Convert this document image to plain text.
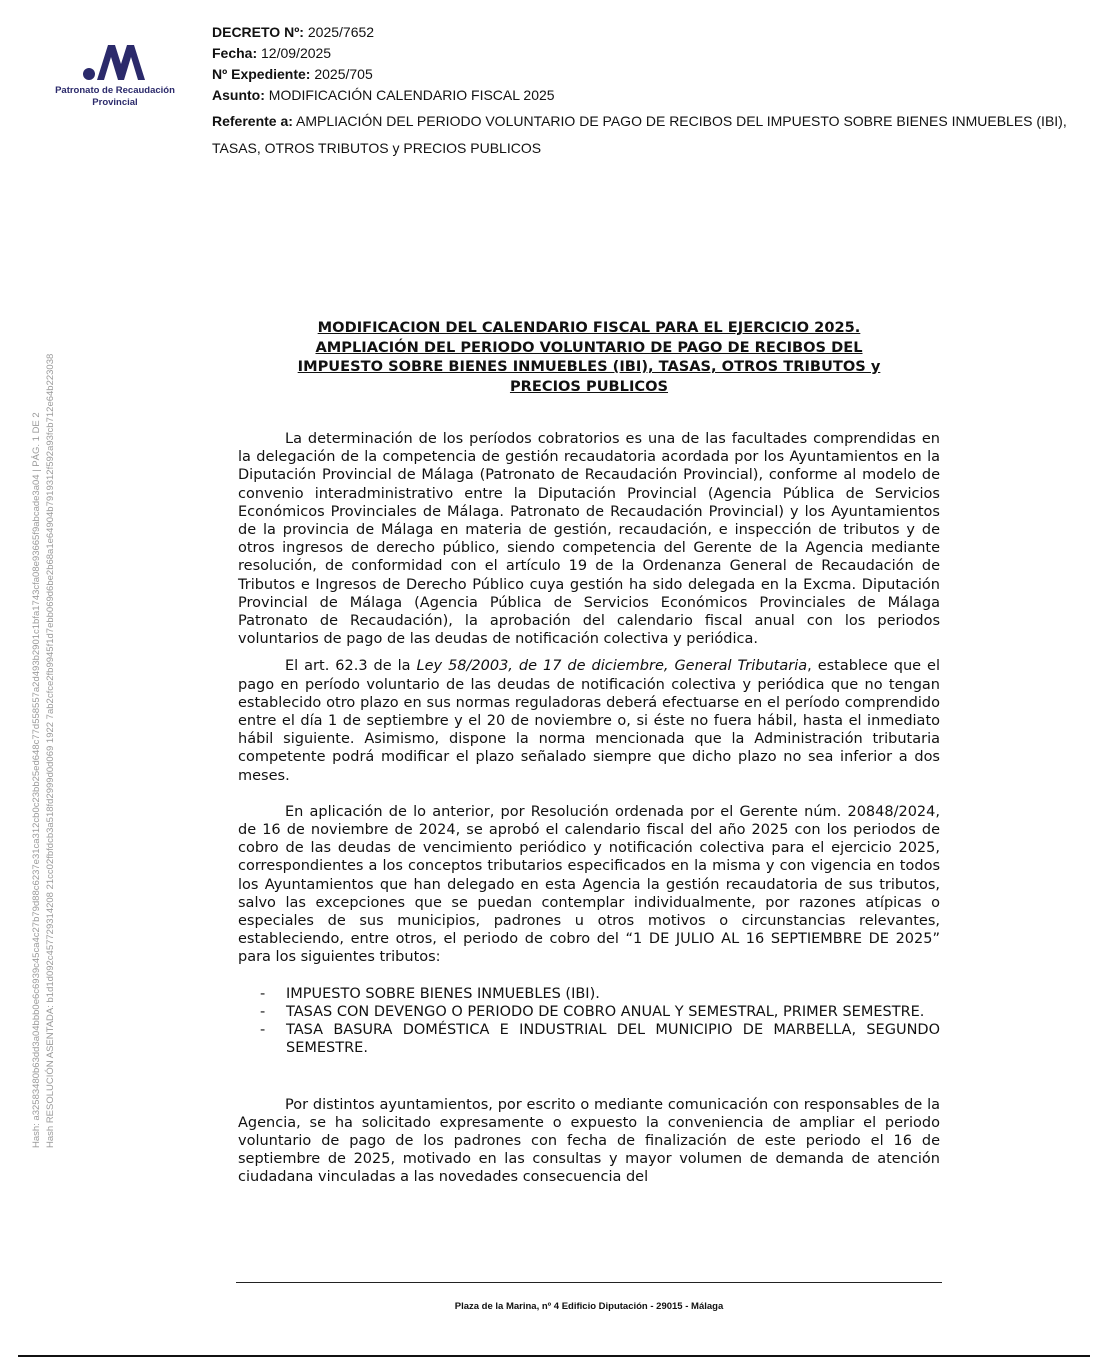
Patronato de Recaudación
Provincial
DECRETO Nº: 2025/7652
Fecha: 12/09/2025
Nº Expediente: 2025/705
Asunto: MODIFICACIÓN CALENDARIO FISCAL 2025
Referente a: AMPLIACIÓN DEL PERIODO VOLUNTARIO DE PAGO DE RECIBOS DEL IMPUESTO SOBRE BIENES INMUEBLES (IBI), TASAS, OTROS TRIBUTOS y PRECIOS PUBLICOS
Hash: a32583480b63dd3a04bbb0e6c6939c45ca4c27b79d88c6237e31ca312cb0c23bb25ed648c77d558557a2d493b2901c1bfa1743cfa08e93665f9abcade3a04 | PÁG. 1 DE 2 Hash RESOLUCIÓN ASENTADA: b1d1d092c457729314208 21cc02fbfdcb3a518fd2999d0d069 1922 7ab2cfce2fb9945f1d7ebb069d6be2b68a1e64904b7919312f592a93fcb712e64b223038
MODIFICACION DEL CALENDARIO FISCAL PARA EL EJERCICIO 2025.
AMPLIACIÓN DEL PERIODO VOLUNTARIO DE PAGO DE RECIBOS DEL
IMPUESTO SOBRE BIENES INMUEBLES (IBI), TASAS, OTROS TRIBUTOS y
PRECIOS PUBLICOS

La determinación de los períodos cobratorios es una de las facultades comprendidas en la delegación de la competencia de gestión recaudatoria acordada por los Ayuntamientos en la Diputación Provincial de Málaga (Patronato de Recaudación Provincial), conforme al modelo de convenio interadministrativo entre la Diputación Provincial (Agencia Pública de Servicios Económicos Provinciales de Málaga. Patronato de Recaudación Provincial) y los Ayuntamientos de la provincia de Málaga en materia de gestión, recaudación, e inspección de tributos y de otros ingresos de derecho público, siendo competencia del Gerente de la Agencia mediante resolución, de conformidad con el artículo 19 de la Ordenanza General de Recaudación de Tributos e Ingresos de Derecho Público cuya gestión ha sido delegada en la Excma. Diputación Provincial de Málaga (Agencia Pública de Servicios Económicos Provinciales de Málaga Patronato de Recaudación), la aprobación del calendario fiscal anual con los periodos voluntarios de pago de las deudas de notificación colectiva y periódica.

El art. 62.3 de la Ley 58/2003, de 17 de diciembre, General Tributaria, establece que el pago en período voluntario de las deudas de notificación colectiva y periódica que no tengan establecido otro plazo en sus normas reguladoras deberá efectuarse en el período comprendido entre el día 1 de septiembre y el 20 de noviembre o, si éste no fuera hábil, hasta el inmediato hábil siguiente. Asimismo, dispone la norma mencionada que la Administración tributaria competente podrá modificar el plazo señalado siempre que dicho plazo no sea inferior a dos meses.

En aplicación de lo anterior, por Resolución ordenada por el Gerente núm. 20848/2024, de 16 de noviembre de 2024, se aprobó el calendario fiscal del año 2025 con los periodos de cobro de las deudas de vencimiento periódico y notificación colectiva para el ejercicio 2025, correspondientes a los conceptos tributarios especificados en la misma y con vigencia en todos los Ayuntamientos que han delegado en esta Agencia la gestión recaudatoria de sus tributos, salvo las excepciones que se puedan contemplar individualmente, por razones atípicas o especiales de sus municipios, padrones u otros motivos o circunstancias relevantes, estableciendo, entre otros, el periodo de cobro del “1 DE JULIO AL 16 SEPTIEMBRE DE 2025” para los siguientes tributos:

- IMPUESTO SOBRE BIENES INMUEBLES (IBI).
- TASAS CON DEVENGO O PERIODO DE COBRO ANUAL Y SEMESTRAL, PRIMER SEMESTRE.
- TASA BASURA DOMÉSTICA E INDUSTRIAL DEL MUNICIPIO DE MARBELLA, SEGUNDO SEMESTRE.

Por distintos ayuntamientos, por escrito o mediante comunicación con responsables de la Agencia, se ha solicitado expresamente o expuesto la conveniencia de ampliar el periodo voluntario de pago de los padrones con fecha de finalización de este periodo el 16 de septiembre de 2025, motivado en las consultas y mayor volumen de demanda de atención ciudadana vinculadas a las novedades consecuencia del

Plaza de la Marina, nº 4 Edificio Diputación - 29015 - Málaga
